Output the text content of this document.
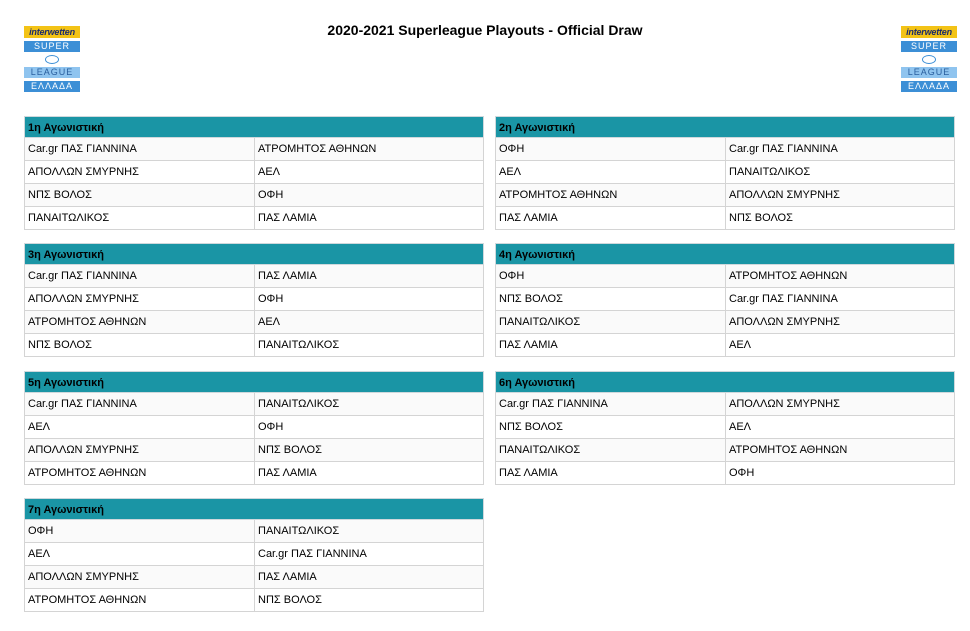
2020-2021 Superleague Playouts - Official Draw
interwetten
SUPER
LEAGUE
ΕΛΛΑΔΑ
interwetten
SUPER
LEAGUE
ΕΛΛΑΔΑ
1η Αγωνιστική
Car.gr ΠΑΣ ΓΙΑΝΝΙΝΑ	ΑΤΡΟΜΗΤΟΣ ΑΘΗΝΩΝ
ΑΠΟΛΛΩΝ ΣΜΥΡΝΗΣ	ΑΕΛ
ΝΠΣ ΒΟΛΟΣ	ΟΦΗ
ΠΑΝΑΙΤΩΛΙΚΟΣ	ΠΑΣ ΛΑΜΙΑ
2η Αγωνιστική
ΟΦΗ	Car.gr ΠΑΣ ΓΙΑΝΝΙΝΑ
ΑΕΛ	ΠΑΝΑΙΤΩΛΙΚΟΣ
ΑΤΡΟΜΗΤΟΣ ΑΘΗΝΩΝ	ΑΠΟΛΛΩΝ ΣΜΥΡΝΗΣ
ΠΑΣ ΛΑΜΙΑ	ΝΠΣ ΒΟΛΟΣ
3η Αγωνιστική
Car.gr ΠΑΣ ΓΙΑΝΝΙΝΑ	ΠΑΣ ΛΑΜΙΑ
ΑΠΟΛΛΩΝ ΣΜΥΡΝΗΣ	ΟΦΗ
ΑΤΡΟΜΗΤΟΣ ΑΘΗΝΩΝ	ΑΕΛ
ΝΠΣ ΒΟΛΟΣ	ΠΑΝΑΙΤΩΛΙΚΟΣ
4η Αγωνιστική
ΟΦΗ	ΑΤΡΟΜΗΤΟΣ ΑΘΗΝΩΝ
ΝΠΣ ΒΟΛΟΣ	Car.gr ΠΑΣ ΓΙΑΝΝΙΝΑ
ΠΑΝΑΙΤΩΛΙΚΟΣ	ΑΠΟΛΛΩΝ ΣΜΥΡΝΗΣ
ΠΑΣ ΛΑΜΙΑ	ΑΕΛ
5η Αγωνιστική
Car.gr ΠΑΣ ΓΙΑΝΝΙΝΑ	ΠΑΝΑΙΤΩΛΙΚΟΣ
ΑΕΛ	ΟΦΗ
ΑΠΟΛΛΩΝ ΣΜΥΡΝΗΣ	ΝΠΣ ΒΟΛΟΣ
ΑΤΡΟΜΗΤΟΣ ΑΘΗΝΩΝ	ΠΑΣ ΛΑΜΙΑ
6η Αγωνιστική
Car.gr ΠΑΣ ΓΙΑΝΝΙΝΑ	ΑΠΟΛΛΩΝ ΣΜΥΡΝΗΣ
ΝΠΣ ΒΟΛΟΣ	ΑΕΛ
ΠΑΝΑΙΤΩΛΙΚΟΣ	ΑΤΡΟΜΗΤΟΣ ΑΘΗΝΩΝ
ΠΑΣ ΛΑΜΙΑ	ΟΦΗ
7η Αγωνιστική
ΟΦΗ	ΠΑΝΑΙΤΩΛΙΚΟΣ
ΑΕΛ	Car.gr ΠΑΣ ΓΙΑΝΝΙΝΑ
ΑΠΟΛΛΩΝ ΣΜΥΡΝΗΣ	ΠΑΣ ΛΑΜΙΑ
ΑΤΡΟΜΗΤΟΣ ΑΘΗΝΩΝ	ΝΠΣ ΒΟΛΟΣ
